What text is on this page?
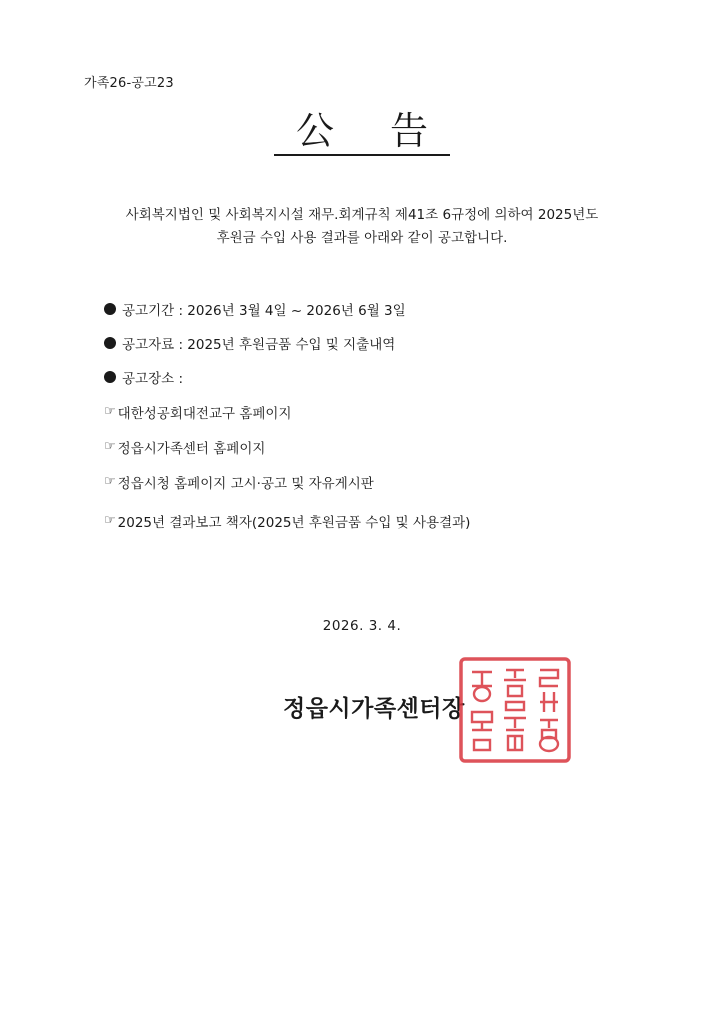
가족26-공고23
公 告

사회복지법인 및 사회복지시설 재무.회계규칙 제41조 6규정에 의하여 2025년도

후원금 수입 사용 결과를 아래와 같이 공고합니다.

공고기간 : 2026년 3월 4일 ~ 2026년 6월 3일
공고자료 : 2025년 후원금품 수입 및 지출내역
공고장소 :
☞ 대한성공회대전교구 홈페이지
☞ 정읍시가족센터 홈페이지
☞ 정읍시청 홈페이지 고시·공고 및 자유게시판
☞ 2025년 결과보고 책자(2025년 후원금품 수입 및 사용결과)
2026. 3. 4.
정읍시가족센터장
